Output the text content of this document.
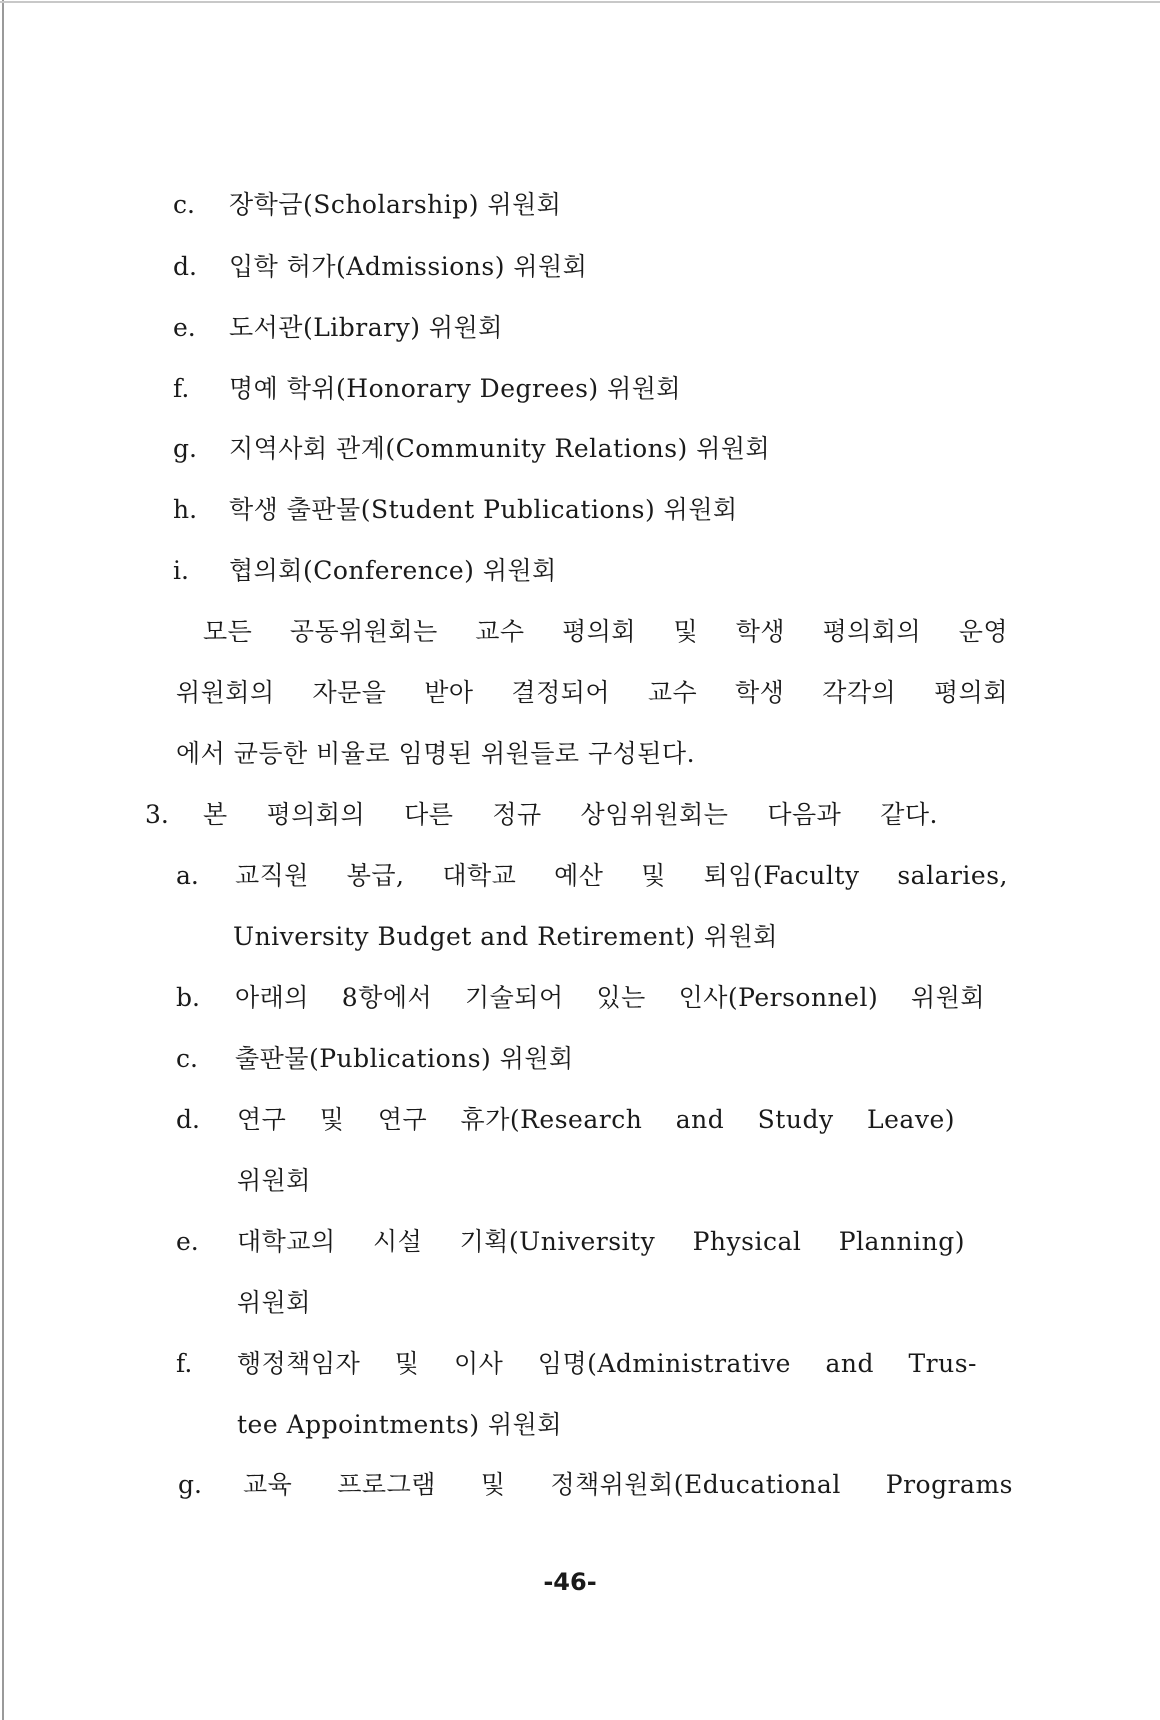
c. 장학금(Scholarship) 위원회
d. 입학 허가(Admissions) 위원회
e. 도서관(Library) 위원회
f. 명예 학위(Honorary Degrees) 위원회
g. 지역사회 관계(Community Relations) 위원회
h. 학생 출판물(Student Publications) 위원회
i. 협의회(Conference) 위원회
모든 공동위원회는 교수 평의회 및 학생 평의회의 운영
위원회의 자문을 받아 결정되어 교수 학생 각각의 평의회
에서 균등한 비율로 임명된 위원들로 구성된다.
3. 본 평의회의 다른 정규 상임위원회는 다음과 같다.
a. 교직원 봉급, 대학교 예산 및 퇴임(Faculty salaries,
University Budget and Retirement) 위원회
b. 아래의 8항에서 기술되어 있는 인사(Personnel) 위원회
c. 출판물(Publications) 위원회
d. 연구 및 연구 휴가(Research and Study Leave)
위원회
e. 대학교의 시설 기획(University Physical Planning)
위원회
f. 행정책임자 및 이사 임명(Administrative and Trus-
tee Appointments) 위원회
g. 교육 프로그램 및 정책위원회(Educational Programs
-46-
